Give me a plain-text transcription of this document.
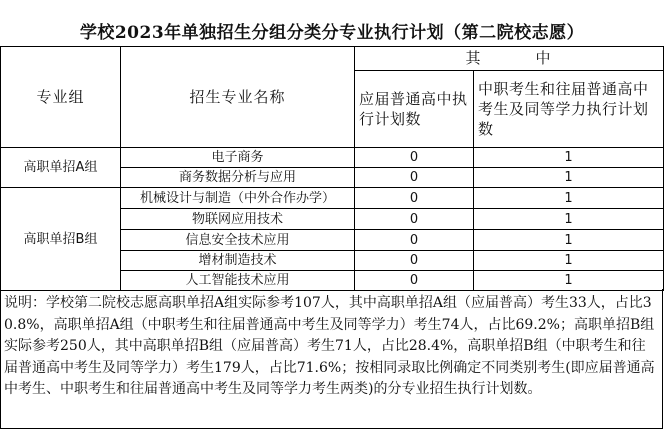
学校2023年单独招生分组分类分专业执行计划（第二院校志愿）
专业组	招生专业名称	其　中	
		应届普通高中执行计划数	中职考生和往届普通高中考生及同等学力执行计划数
高职单招A组	电子商务	0	1
	商务数据分析与应用	0	1
高职单招B组	机械设计与制造（中外合作办学）	0	1
	物联网应用技术	0	1
	信息安全技术应用	0	1
	增材制造技术	0	1
	人工智能技术应用	0	1
说明：学校第二院校志愿高职单招A组实际参考107人，其中高职单招A组（应届普高）考生33人，占比30.8%，高职单招A组（中职考生和往届普通高中考生及同等学力）考生74人，占比69.2%；高职单招B组实际参考250人，其中高职单招B组（应届普高）考生71人，占比28.4%，高职单招B组（中职考生和往届普通高中考生及同等学力）考生179人，占比71.6%；按相同录取比例确定不同类别考生(即应届普通高中考生、中职考生和往届普通高中考生及同等学力考生两类)的分专业招生执行计划数。
